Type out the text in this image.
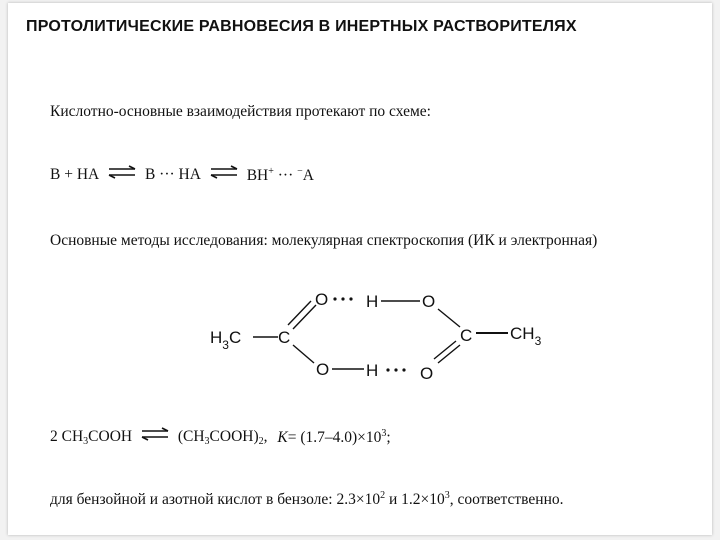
ПРОТОЛИТИЧЕСКИЕ РАВНОВЕСИЯ В ИНЕРТНЫХ РАСТВОРИТЕЛЯХ
Кислотно-основные взаимодействия протекают по схеме:
B + HA ⇌ B ··· HA ⇌ BH+ ··· −A
Основные методы исследования: молекулярная спектроскопия (ИК и электронная)
$H_3C$ C
O H	O
C $CH_3$
O H O
2 $CH_3COOH$ ⇌ $(CH_3COOH)_2$, $K= (1.7-4.0)\times 10^3$;
для бензойной и азотной кислот в бензоле: $2.3\times 10^2$ и $1.2\times 10^3$, соответственно.
